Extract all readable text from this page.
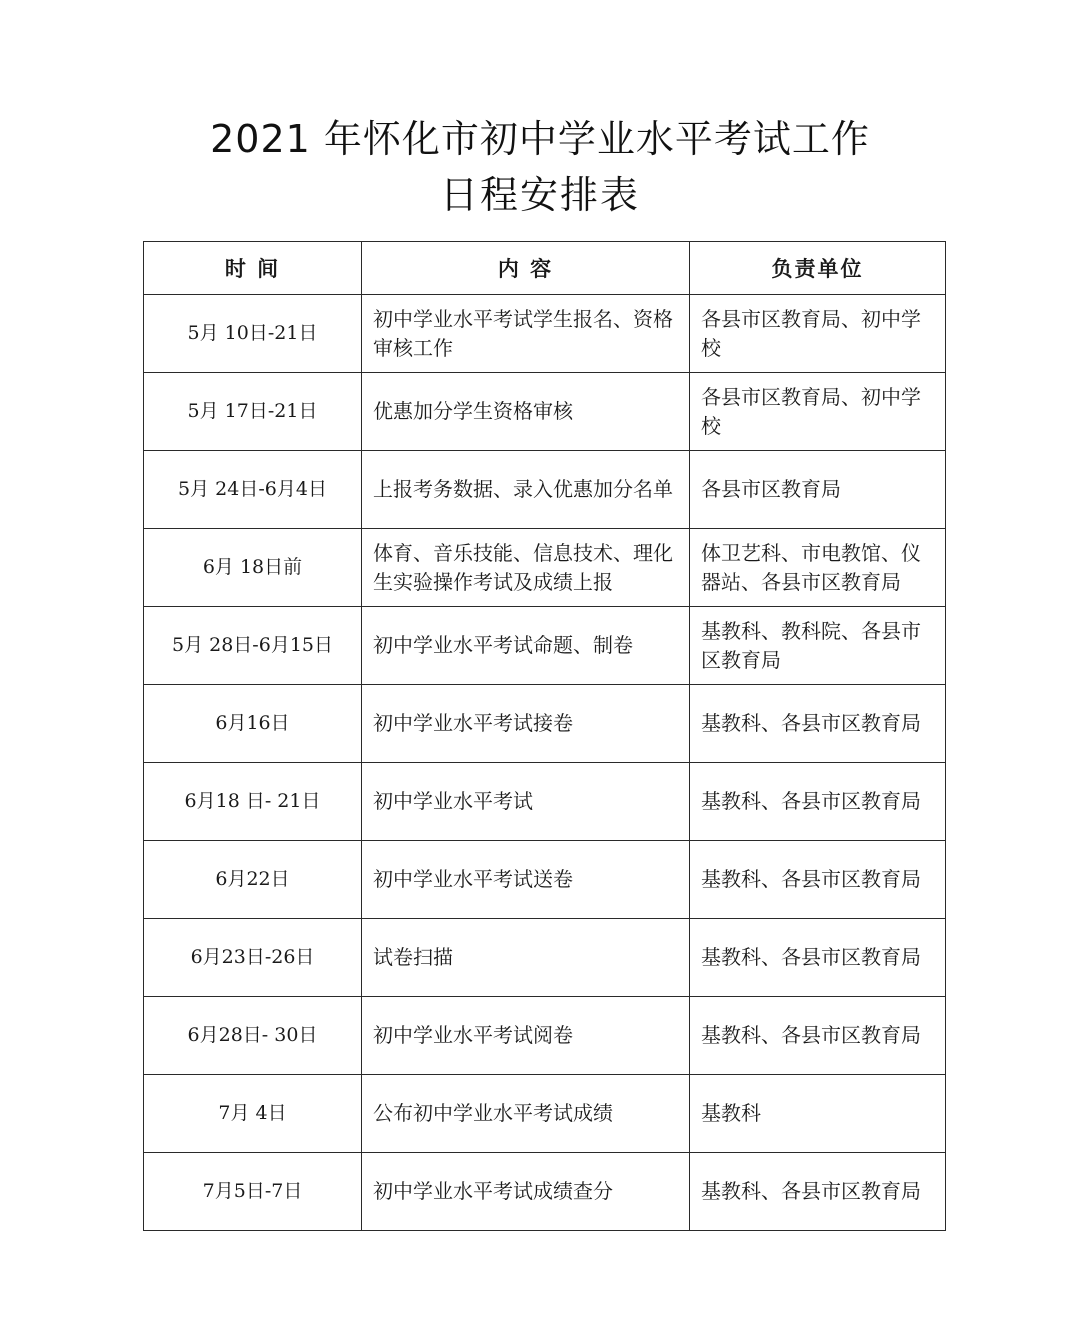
2021 年怀化市初中学业水平考试工作
日程安排表
时 间	内 容	负责单位
5月 10日-21日	初中学业水平考试学生报名、资格审核工作	各县市区教育局、初中学校
5月 17日-21日	优惠加分学生资格审核	各县市区教育局、初中学校
5月 24日-6月4日	上报考务数据、录入优惠加分名单	各县市区教育局
6月 18日前	体育、音乐技能、信息技术、理化生实验操作考试及成绩上报	体卫艺科、市电教馆、仪器站、各县市区教育局
5月 28日-6月15日	初中学业水平考试命题、制卷	基教科、教科院、各县市区教育局
6月16日	初中学业水平考试接卷	基教科、各县市区教育局
6月18 日- 21日	初中学业水平考试	基教科、各县市区教育局
6月22日	初中学业水平考试送卷	基教科、各县市区教育局
6月23日-26日	试卷扫描	基教科、各县市区教育局
6月28日- 30日	初中学业水平考试阅卷	基教科、各县市区教育局
7月 4日	公布初中学业水平考试成绩	基教科
7月5日-7日	初中学业水平考试成绩查分	基教科、各县市区教育局
